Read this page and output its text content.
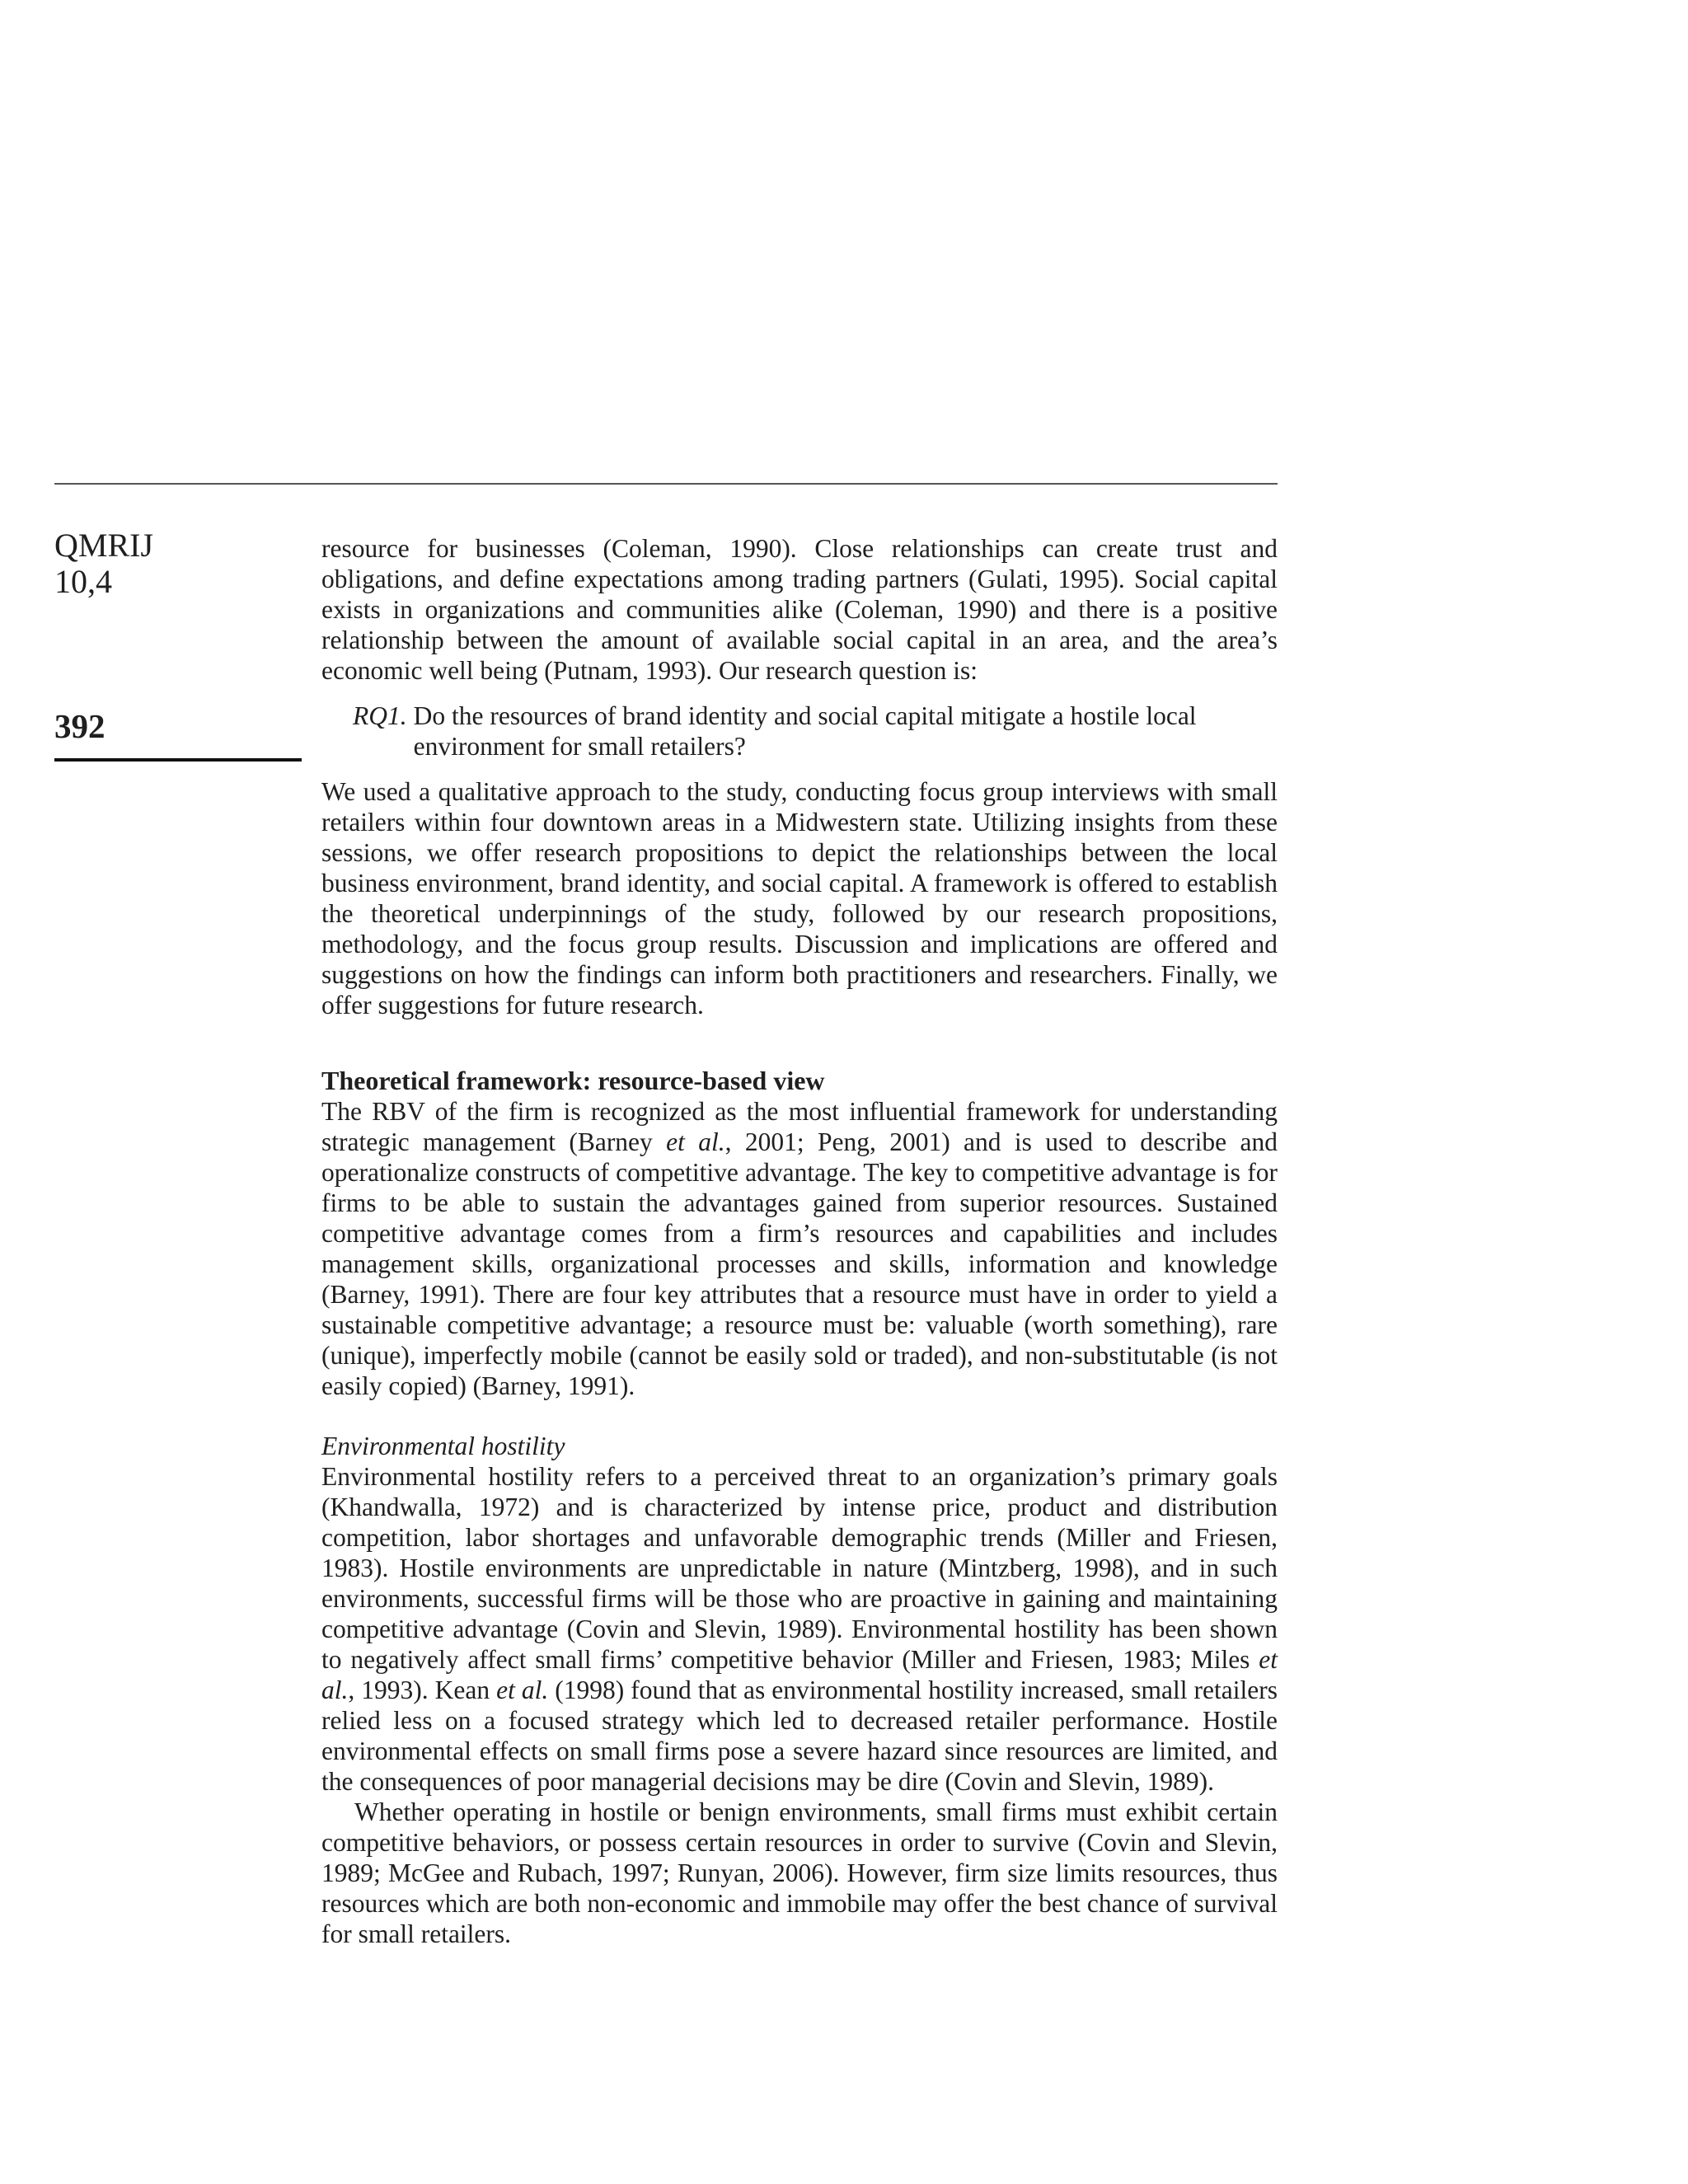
QMRIJ

10,4

392

resource for businesses (Coleman, 1990). Close relationships can create trust and obligations, and define expectations among trading partners (Gulati, 1995). Social capital exists in organizations and communities alike (Coleman, 1990) and there is a positive relationship between the amount of available social capital in an area, and the area’s economic well being (Putnam, 1993). Our research question is:

RQ1. Do the resources of brand identity and social capital mitigate a hostile local environment for small retailers?

We used a qualitative approach to the study, conducting focus group interviews with small retailers within four downtown areas in a Midwestern state. Utilizing insights from these sessions, we offer research propositions to depict the relationships between the local business environment, brand identity, and social capital. A framework is offered to establish the theoretical underpinnings of the study, followed by our research propositions, methodology, and the focus group results. Discussion and implications are offered and suggestions on how the findings can inform both practitioners and researchers. Finally, we offer suggestions for future research.

Theoretical framework: resource-based view

The RBV of the firm is recognized as the most influential framework for understanding strategic management (Barney et al., 2001; Peng, 2001) and is used to describe and operationalize constructs of competitive advantage. The key to competitive advantage is for firms to be able to sustain the advantages gained from superior resources. Sustained competitive advantage comes from a firm’s resources and capabilities and includes management skills, organizational processes and skills, information and knowledge (Barney, 1991). There are four key attributes that a resource must have in order to yield a sustainable competitive advantage; a resource must be: valuable (worth something), rare (unique), imperfectly mobile (cannot be easily sold or traded), and non-substitutable (is not easily copied) (Barney, 1991).

Environmental hostility

Environmental hostility refers to a perceived threat to an organization’s primary goals (Khandwalla, 1972) and is characterized by intense price, product and distribution competition, labor shortages and unfavorable demographic trends (Miller and Friesen, 1983). Hostile environments are unpredictable in nature (Mintzberg, 1998), and in such environments, successful firms will be those who are proactive in gaining and maintaining competitive advantage (Covin and Slevin, 1989). Environmental hostility has been shown to negatively affect small firms’ competitive behavior (Miller and Friesen, 1983; Miles et al., 1993). Kean et al. (1998) found that as environmental hostility increased, small retailers relied less on a focused strategy which led to decreased retailer performance. Hostile environmental effects on small firms pose a severe hazard since resources are limited, and the consequences of poor managerial decisions may be dire (Covin and Slevin, 1989).

Whether operating in hostile or benign environments, small firms must exhibit certain competitive behaviors, or possess certain resources in order to survive (Covin and Slevin, 1989; McGee and Rubach, 1997; Runyan, 2006). However, firm size limits resources, thus resources which are both non-economic and immobile may offer the best chance of survival for small retailers.
